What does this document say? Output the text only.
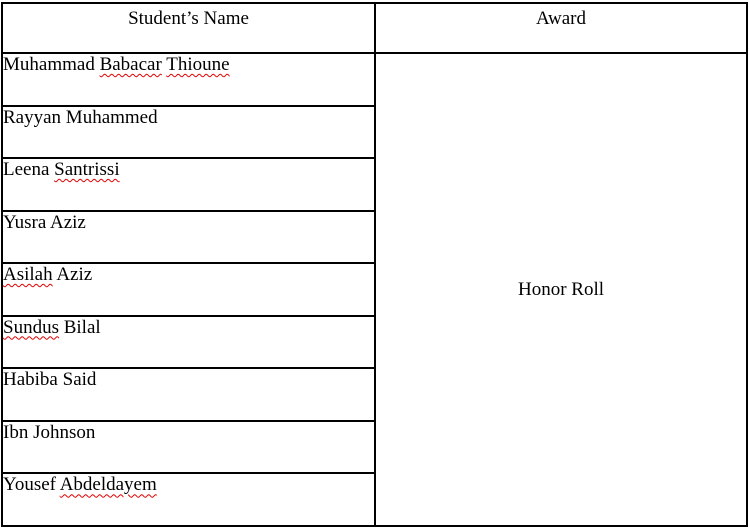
Student’s Name	Award
Muhammad Babacar Thioune	Honor Roll
Rayyan Muhammed	
Leena Santrissi	
Yusra Aziz	
Asilah Aziz	
Sundus Bilal	
Habiba Said	
Ibn Johnson	
Yousef Abdeldayem	
